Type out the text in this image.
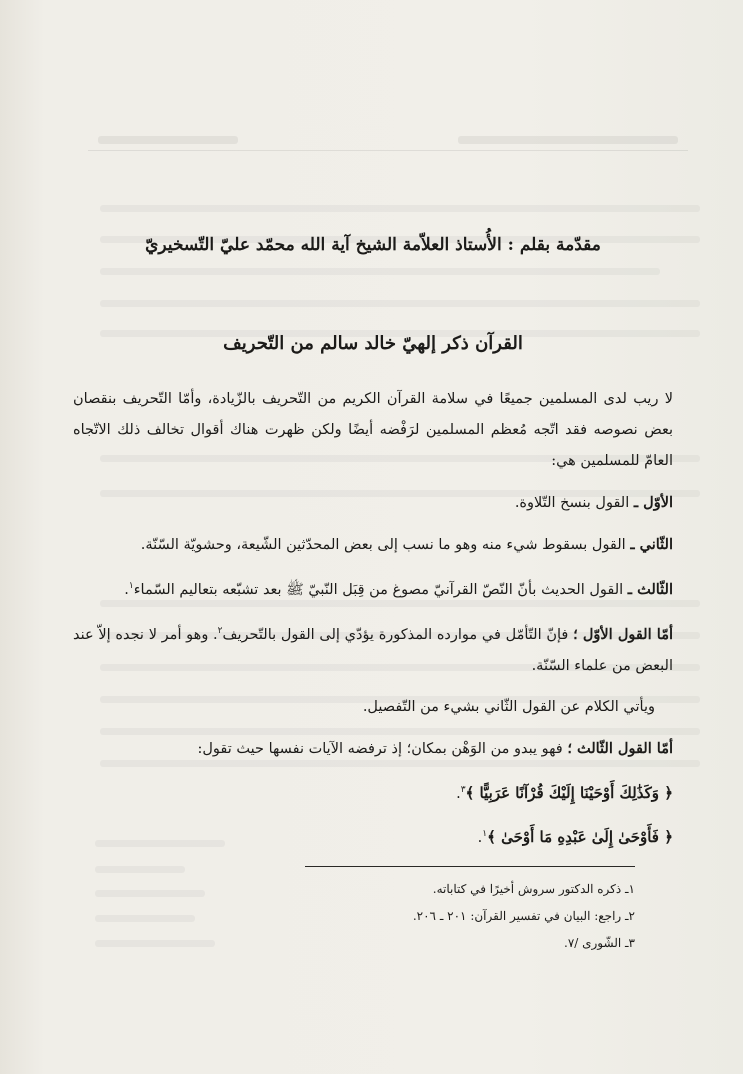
مقدّمة بقلم : الأُستاذ العلاّمة الشيخ آية الله محمّد عليّ التّسخيريّ

القرآن ذكر إلهيّ خالد سالم من التّحريف

لا ريب لدى المسلمين جميعًا في سلامة القرآن الكريم من التّحريف بالزّيادة، وأمّا التّحريف بنقصان بعض نصوصه فقد اتّجه مُعظم المسلمين لرَفْضه أيضًا ولكن ظهرت هناك أقوال تخالف ذلك الاتّجاه العامّ للمسلمين هي:

الأوّل ـ القول بنسخ التّلاوة.

الثّاني ـ القول بسقوط شيء منه وهو ما نسب إلى بعض المحدّثين الشّيعة، وحشويّة السّنّة.

الثّالث ـ القول الحديث بأنّ النّصّ القرآنيّ مصوغ من قِبَل النّبيّ ﷺ بعد تشبّعه بتعاليم السّماء$^١$.

أمّا القول الأوّل ؛ فإنّ التّأمّل في موارده المذكورة يؤدّي إلى القول بالتّحريف$^٢$. وهو أمر لا نجده إلاّ عند البعض من علماء السّنّة.

ويأتي الكلام عن القول الثّاني بشيء من التّفصيل.

أمّا القول الثّالث ؛ فهو يبدو من الوَهْن بمكان؛ إذ ترفضه الآيات نفسها حيث تقول:

﴿ وَكَذَٰلِكَ أَوْحَيْنَا إِلَيْكَ قُرْآنًا عَرَبِيًّا ﴾$^٣$.

﴿ فَأَوْحَىٰ إِلَىٰ عَبْدِهِ مَا أَوْحَىٰ ﴾$^١$.

١ـ ذكره الدكتور سروش أخيرًا في كتاباته.

٢ـ راجع: البيان في تفسير القرآن: ٢٠١ ـ ٢٠٦.

٣ـ الشّورى /٧.
